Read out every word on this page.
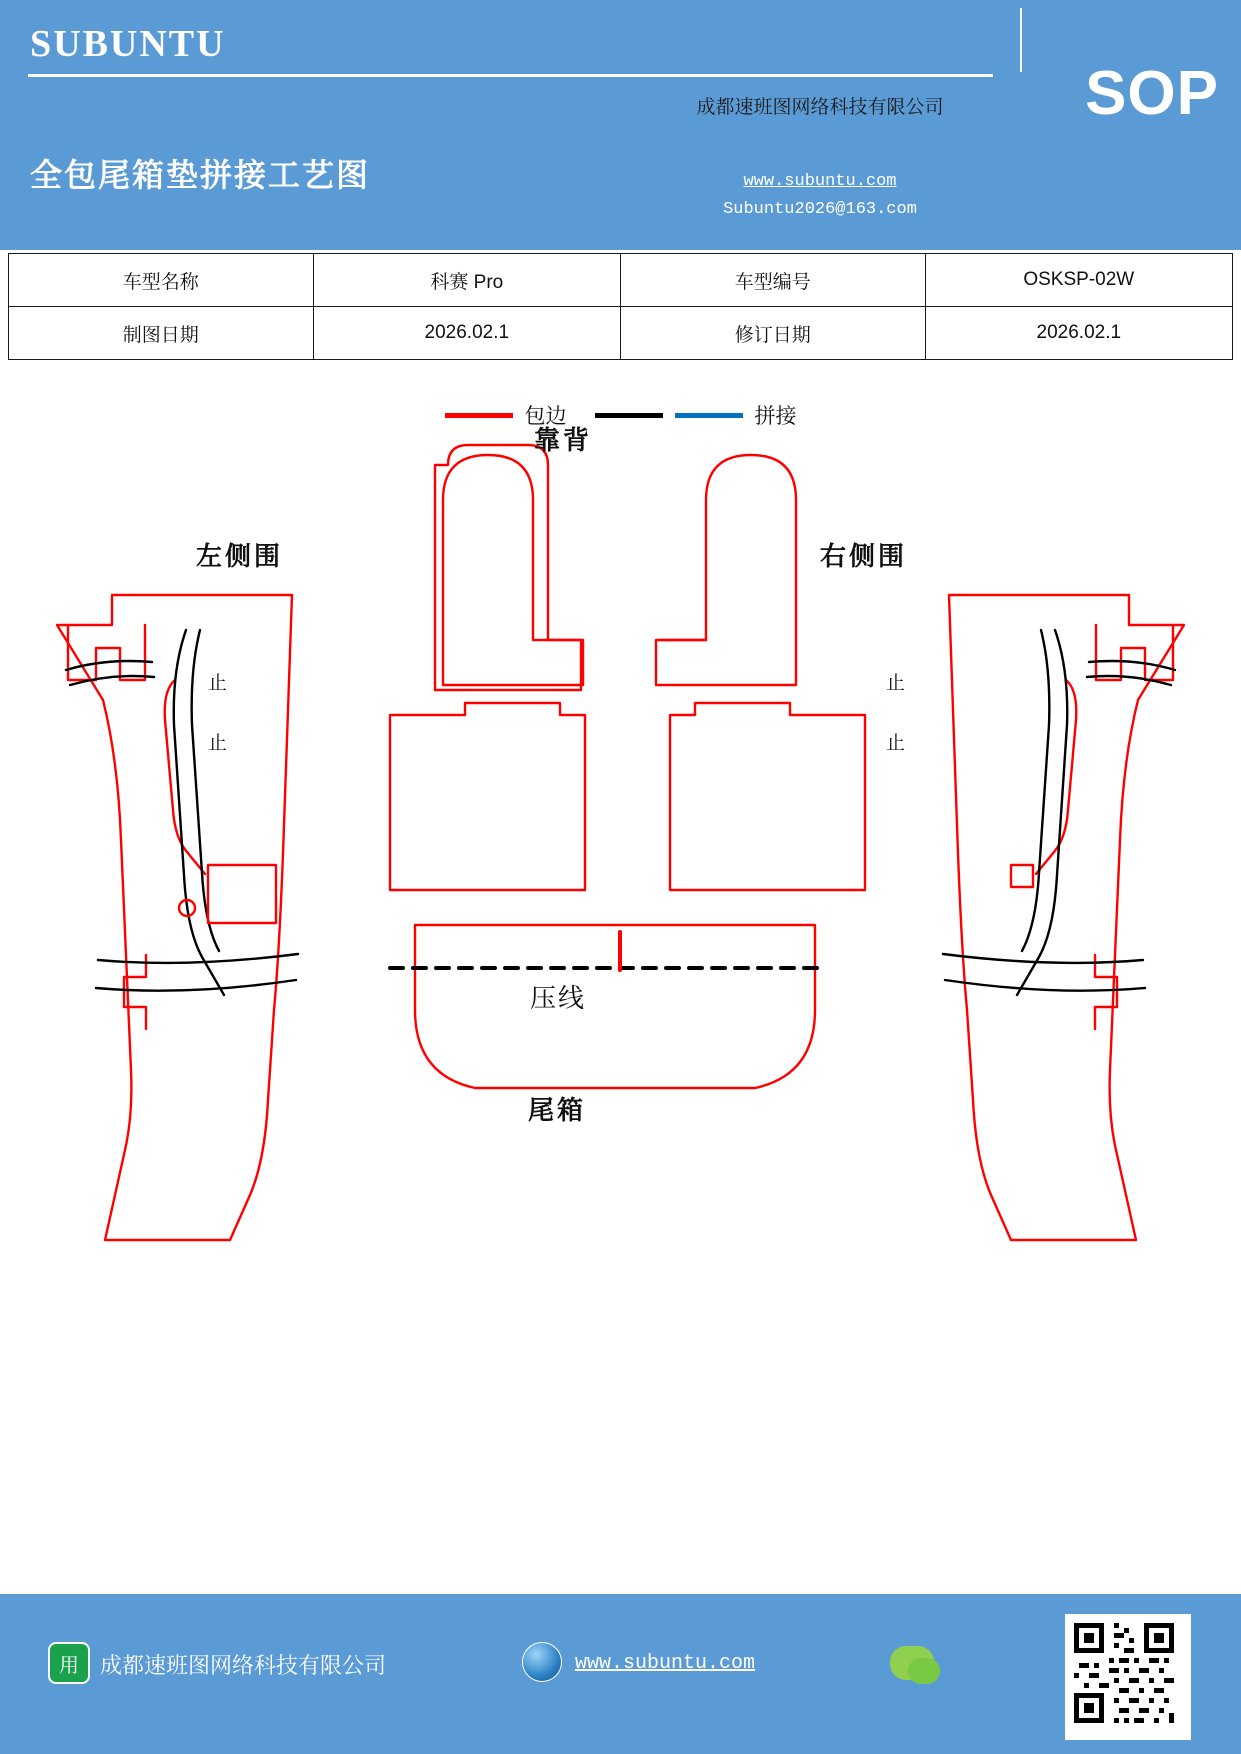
SUBUNTU
SOP
成都速班图网络科技有限公司
www.subuntu.com
Subuntu2026@163.com
全包尾箱垫拼接工艺图
车型名称	科赛 Pro	车型编号	OSKSP-02W
制图日期	2026.02.1	修订日期	2026.02.1
包边	拼接
靠背
左侧围	右侧围
压线
尾箱
止
止
止
止
用 成都速班图网络科技有限公司	www.subuntu.com
